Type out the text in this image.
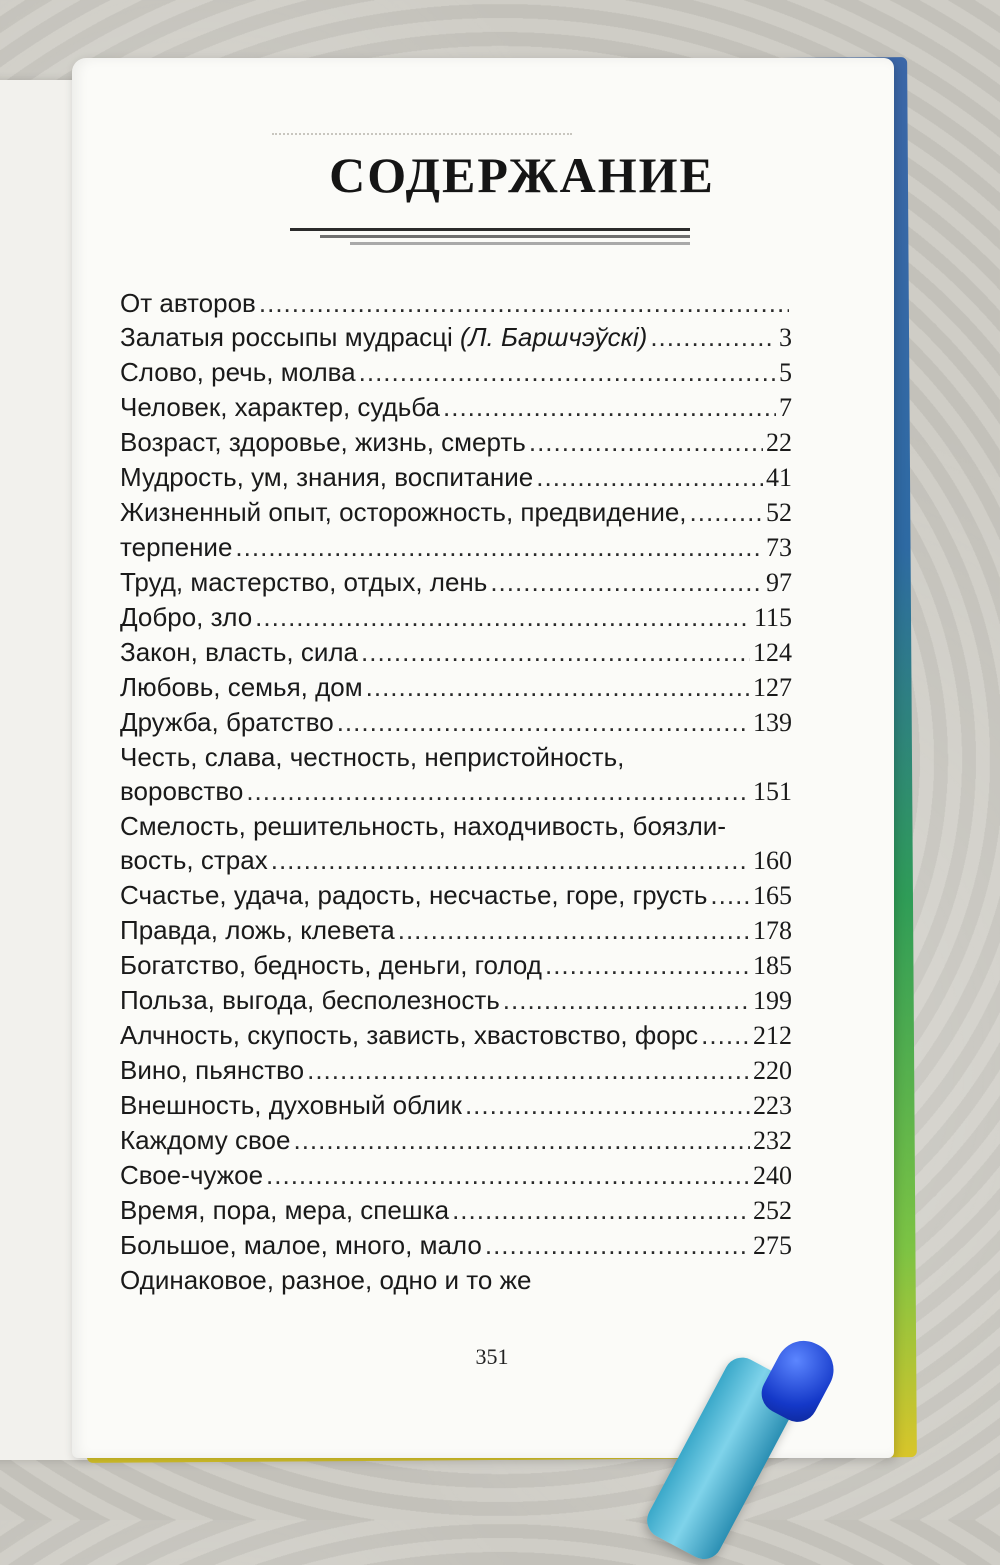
СОДЕРЖАНИЕ
От авторов
.....
Залатыя россыпы мудрасці (Л. Баршчэўскі) .....	3
Слово, речь, молва .....	5
Человек, характер, судьба .....	7
Возраст, здоровье, жизнь, смерть .....	22
Мудрость, ум, знания, воспитание .....	41
Жизненный опыт, осторожность, предвидение, .....	52
терпение .....	73
Труд, мастерство, отдых, лень .....	97
Добро, зло .....	115
Закон, власть, сила .....	124
Любовь, семья, дом .....	127
Дружба, братство .....	139
Честь, слава, честность, непристойность,
воровство .....	151
Смелость, решительность, находчивость, боязли-
вость, страх .....	160
Счастье, удача, радость, несчастье, горе, грусть ..... 165
Правда, ложь, клевета .....	178
Богатство, бедность, деньги, голод .....	185
Польза, выгода, бесполезность .....	199
Алчность, скупость, зависть, хвастовство, форс ..... 212
Вино, пьянство .....	220
Внешность, духовный облик .....	223
Каждому свое .....	232
Свое-чужое .....	240
Время, пора, мера, спешка .....	252
Большое, малое, много, мало .....	275
Одинаковое, разное, одно и то же
351
